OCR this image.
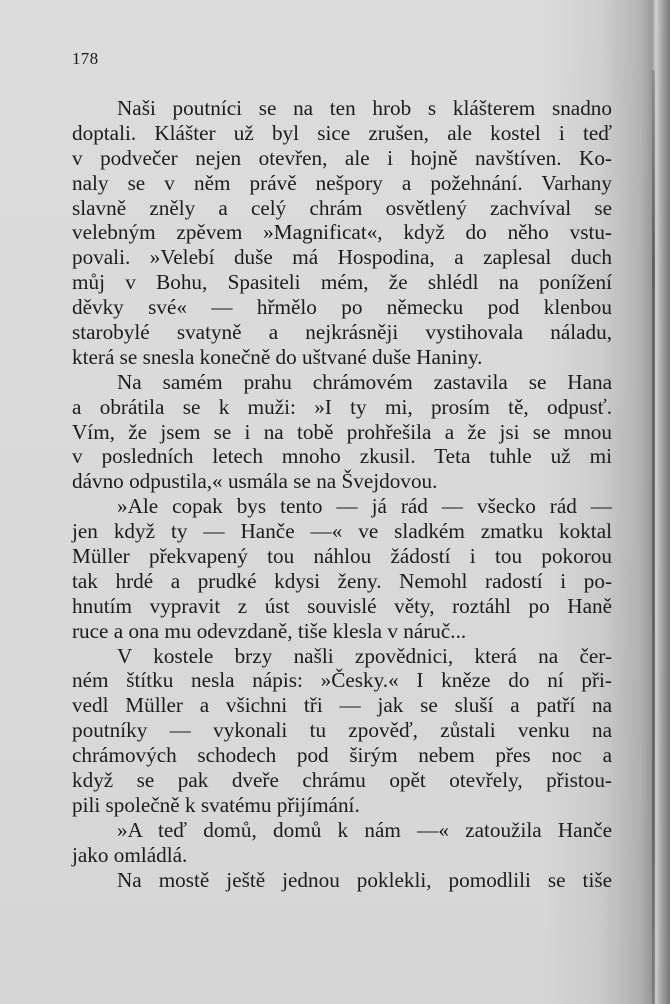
178
Naši poutníci se na ten hrob s klášterem snadno
doptali. Klášter už byl sice zrušen, ale kostel i teď
v podvečer nejen otevřen, ale i hojně navštíven. Ko-
naly se v něm právě nešpory a požehnání. Varhany
slavně zněly a celý chrám osvětlený zachvíval se
velebným zpěvem »Magnificat«, když do něho vstu-
povali. »Velebí duše má Hospodina, a zaplesal duch
můj v Bohu, Spasiteli mém, že shlédl na ponížení
děvky své« — hřmělo po německu pod klenbou
starobylé svatyně a nejkrásněji vystihovala náladu,
která se snesla konečně do uštvané duše Haniny.
Na samém prahu chrámovém zastavila se Hana
a obrátila se k muži: »I ty mi, prosím tě, odpusť.
Vím, že jsem se i na tobě prohřešila a že jsi se mnou
v posledních letech mnoho zkusil. Teta tuhle už mi
dávno odpustila,« usmála se na Švejdovou.
»Ale copak bys tento — já rád — všecko rád —
jen když ty — Hanče —« ve sladkém zmatku koktal
Müller překvapený tou náhlou žádostí i tou pokorou
tak hrdé a prudké kdysi ženy. Nemohl radostí i po-
hnutím vypravit z úst souvislé věty, roztáhl po Haně
ruce a ona mu odevzdaně, tiše klesla v náruč...
V kostele brzy našli zpovědnici, která na čer-
ném štítku nesla nápis: »Česky.« I kněze do ní při-
vedl Müller a všichni tři — jak se sluší a patří na
poutníky — vykonali tu zpověď, zůstali venku na
chrámových schodech pod širým nebem přes noc a
když se pak dveře chrámu opět otevřely, přistou-
pili společně k svatému přijímání.
»A teď domů, domů k nám —« zatoužila Hanče
jako omládlá.
Na mostě ještě jednou poklekli, pomodlili se tiše
